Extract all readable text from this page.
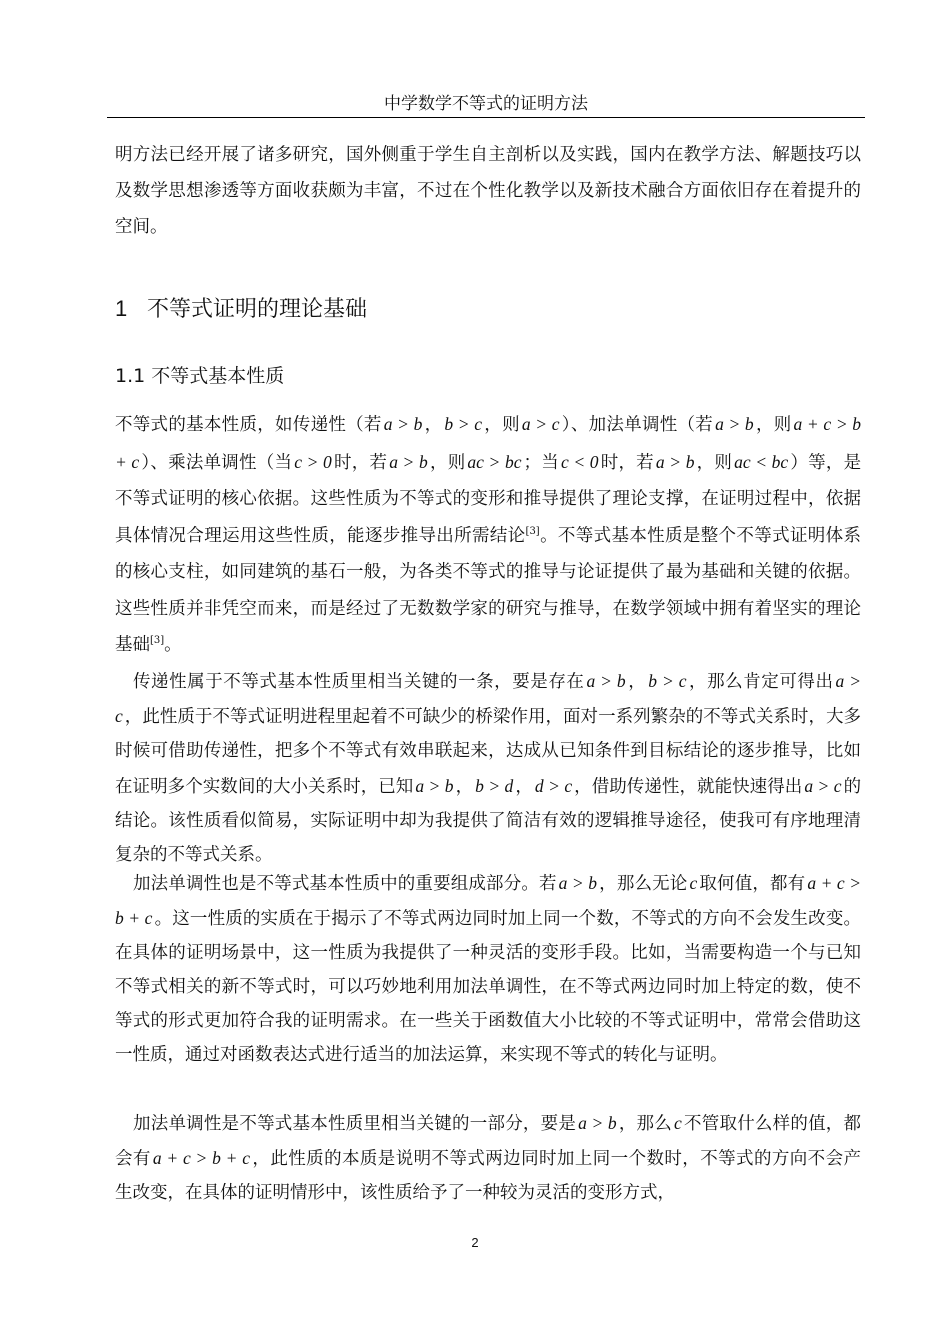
中学数学不等式的证明方法

明方法已经开展了诸多研究，国外侧重于学生自主剖析以及实践，国内在教学方法、解题技巧以及数学思想渗透等方面收获颇为丰富，不过在个性化教学以及新技术融合方面依旧存在着提升的空间。

1 不等式证明的理论基础
1.1 不等式基本性质

不等式的基本性质，如传递性（若 a > b ， b > c ，则 a > c ）、加法单调性（若 a > b ，则 a + c > b + c ）、乘法单调性（当 c > 0 时，若 a > b ，则 ac > bc ；当 c < 0 时，若 a > b ，则 ac < bc ）等，是不等式证明的核心依据。这些性质为不等式的变形和推导提供了理论支撑，在证明过程中，依据具体情况合理运用这些性质，能逐步推导出所需结论[3]。不等式基本性质是整个不等式证明体系的核心支柱，如同建筑的基石一般，为各类不等式的推导与论证提供了最为基础和关键的依据。这些性质并非凭空而来，而是经过了无数数学家的研究与推导，在数学领域中拥有着坚实的理论基础[3]。

传递性属于不等式基本性质里相当关键的一条，要是存在 a > b ， b > c ，那么肯定可得出 a > c ，此性质于不等式证明进程里起着不可缺少的桥梁作用，面对一系列繁杂的不等式关系时，大多时候可借助传递性，把多个不等式有效串联起来，达成从已知条件到目标结论的逐步推导，比如在证明多个实数间的大小关系时，已知 a > b ， b > d ， d > c ，借助传递性，就能快速得出 a > c 的结论。该性质看似简易，实际证明中却为我提供了简洁有效的逻辑推导途径，使我可有序地理清复杂的不等式关系。

加法单调性也是不等式基本性质中的重要组成部分。若 a > b ，那么无论 c 取何值，都有 a + c > b + c 。这一性质的实质在于揭示了不等式两边同时加上同一个数，不等式的方向不会发生改变。在具体的证明场景中，这一性质为我提供了一种灵活的变形手段。比如，当需要构造一个与已知不等式相关的新不等式时，可以巧妙地利用加法单调性，在不等式两边同时加上特定的数，使不等式的形式更加符合我的证明需求。在一些关于函数值大小比较的不等式证明中，常常会借助这一性质，通过对函数表达式进行适当的加法运算，来实现不等式的转化与证明。

加法单调性是不等式基本性质里相当关键的一部分，要是 a > b ，那么 c 不管取什么样的值，都会有 a + c > b + c ，此性质的本质是说明不等式两边同时加上同一个数时，不等式的方向不会产生改变，在具体的证明情形中，该性质给予了一种较为灵活的变形方式，

2
